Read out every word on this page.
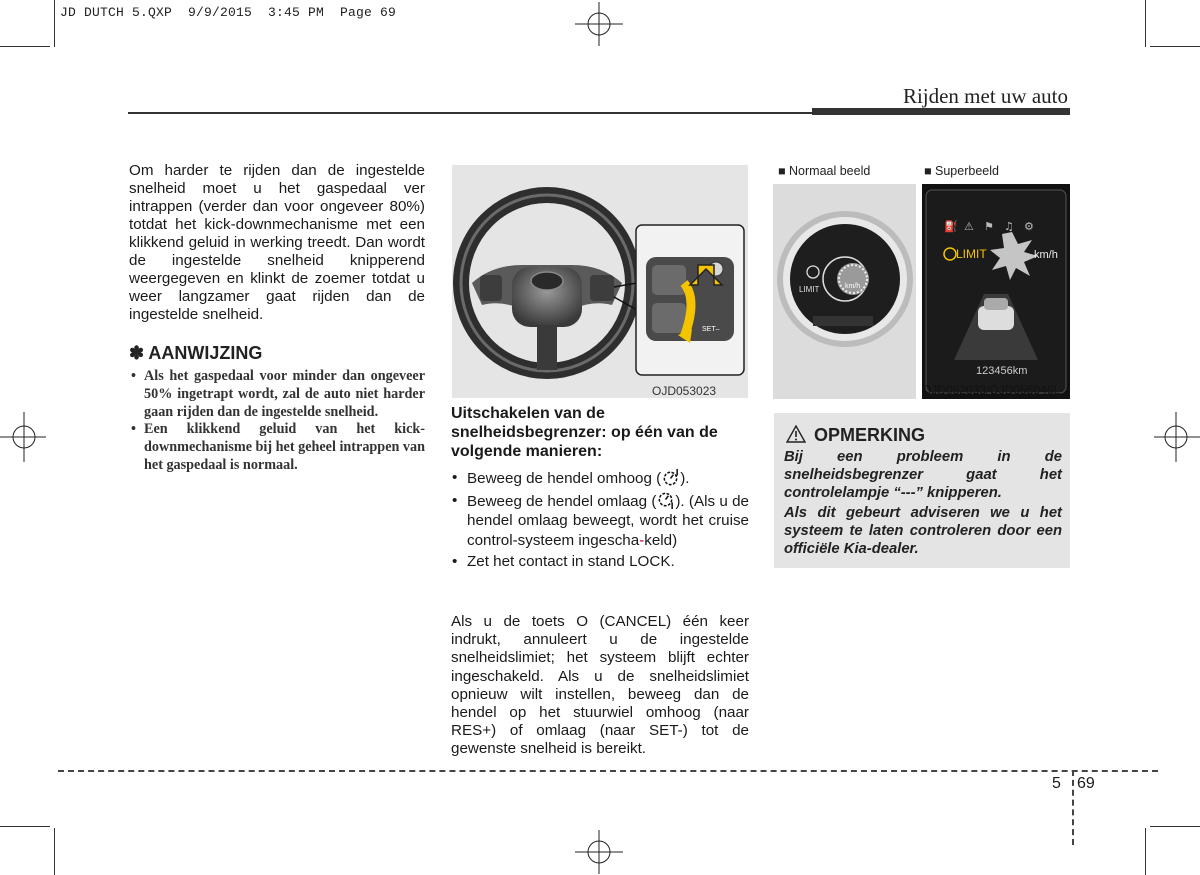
JD DUTCH 5.QXP  9/9/2015  3:45 PM  Page 69
Rijden met uw auto
Om harder te rijden dan de ingestelde snelheid moet u het gaspedaal ver intrappen (verder dan voor ongeveer 80%) totdat het kick-downmechanisme met een klikkend geluid in werking treedt. Dan wordt de ingestelde snelheid knipperend weergegeven en klinkt de zoemer totdat u weer langzamer gaat rijden dan de ingestelde snelheid.
✽ AANWIJZING
• Als het gaspedaal voor minder dan ongeveer 50% ingetrapt wordt, zal de auto niet harder gaan rijden dan de ingestelde snelheid.
• Een klikkend geluid van het kick-downmechanisme bij het geheel intrappen van het gaspedaal is normaal.
SET–
OJD053023
Uitschakelen van de snelheidsbegrenzer: op één van de volgende manieren:
• Beweeg de hendel omhoog ( ).
• Beweeg de hendel omlaag ( ). (Als u de hendel omlaag beweegt, wordt het cruise control-systeem ingescha-keld)
• Zet het contact in stand LOCK.
Als u de toets O (CANCEL) één keer indrukt, annuleert u de ingestelde snelheidslimiet; het systeem blijft echter ingeschakeld. Als u de snelheidslimiet opnieuw wilt instellen, beweeg dan de hendel op het stuurwiel omhoog (naar RES+) of omlaag (naar SET-) tot de gewenste snelheid is bereikt.
■ Normaal beeld	■ Superbeeld
LIMIT	km/h
⛽ ⚠ ⚑ ♫ ⚙
LIMIT	km/h
123456km
OJD052033/OJD055046L
OPMERKING
Bij een probleem in de snelheidsbegrenzer gaat het controlelampje “---” knipperen.
Als dit gebeurt adviseren we u het systeem te laten controleren door een officiële Kia-dealer.
5 69
